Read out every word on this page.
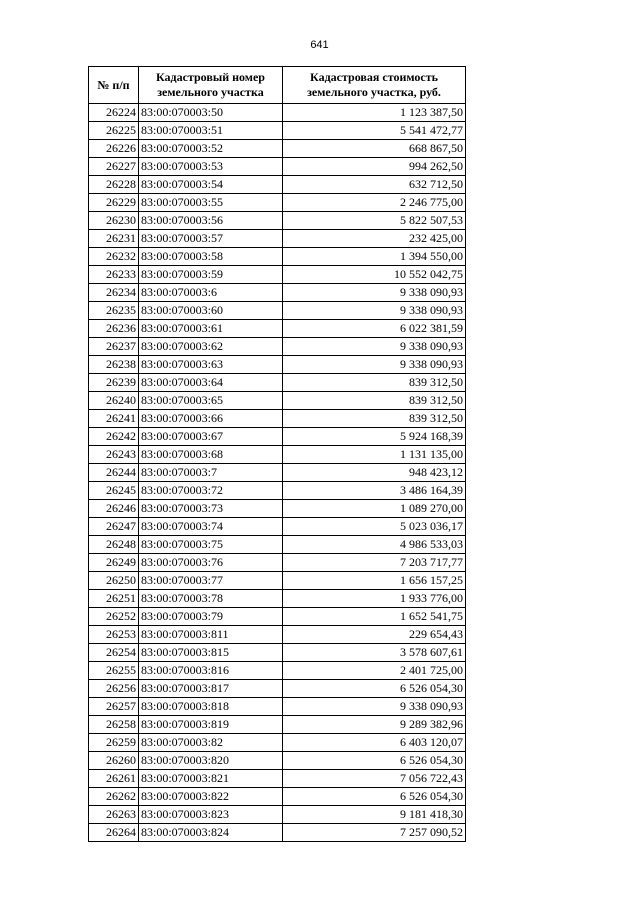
641
№ п/п	Кадастровый номер земельного участка	Кадастровая стоимость земельного участка, руб.
26224	83:00:070003:50	1 123 387,50
26225	83:00:070003:51	5 541 472,77
26226	83:00:070003:52	668 867,50
26227	83:00:070003:53	994 262,50
26228	83:00:070003:54	632 712,50
26229	83:00:070003:55	2 246 775,00
26230	83:00:070003:56	5 822 507,53
26231	83:00:070003:57	232 425,00
26232	83:00:070003:58	1 394 550,00
26233	83:00:070003:59	10 552 042,75
26234	83:00:070003:6	9 338 090,93
26235	83:00:070003:60	9 338 090,93
26236	83:00:070003:61	6 022 381,59
26237	83:00:070003:62	9 338 090,93
26238	83:00:070003:63	9 338 090,93
26239	83:00:070003:64	839 312,50
26240	83:00:070003:65	839 312,50
26241	83:00:070003:66	839 312,50
26242	83:00:070003:67	5 924 168,39
26243	83:00:070003:68	1 131 135,00
26244	83:00:070003:7	948 423,12
26245	83:00:070003:72	3 486 164,39
26246	83:00:070003:73	1 089 270,00
26247	83:00:070003:74	5 023 036,17
26248	83:00:070003:75	4 986 533,03
26249	83:00:070003:76	7 203 717,77
26250	83:00:070003:77	1 656 157,25
26251	83:00:070003:78	1 933 776,00
26252	83:00:070003:79	1 652 541,75
26253	83:00:070003:811	229 654,43
26254	83:00:070003:815	3 578 607,61
26255	83:00:070003:816	2 401 725,00
26256	83:00:070003:817	6 526 054,30
26257	83:00:070003:818	9 338 090,93
26258	83:00:070003:819	9 289 382,96
26259	83:00:070003:82	6 403 120,07
26260	83:00:070003:820	6 526 054,30
26261	83:00:070003:821	7 056 722,43
26262	83:00:070003:822	6 526 054,30
26263	83:00:070003:823	9 181 418,30
26264	83:00:070003:824	7 257 090,52
